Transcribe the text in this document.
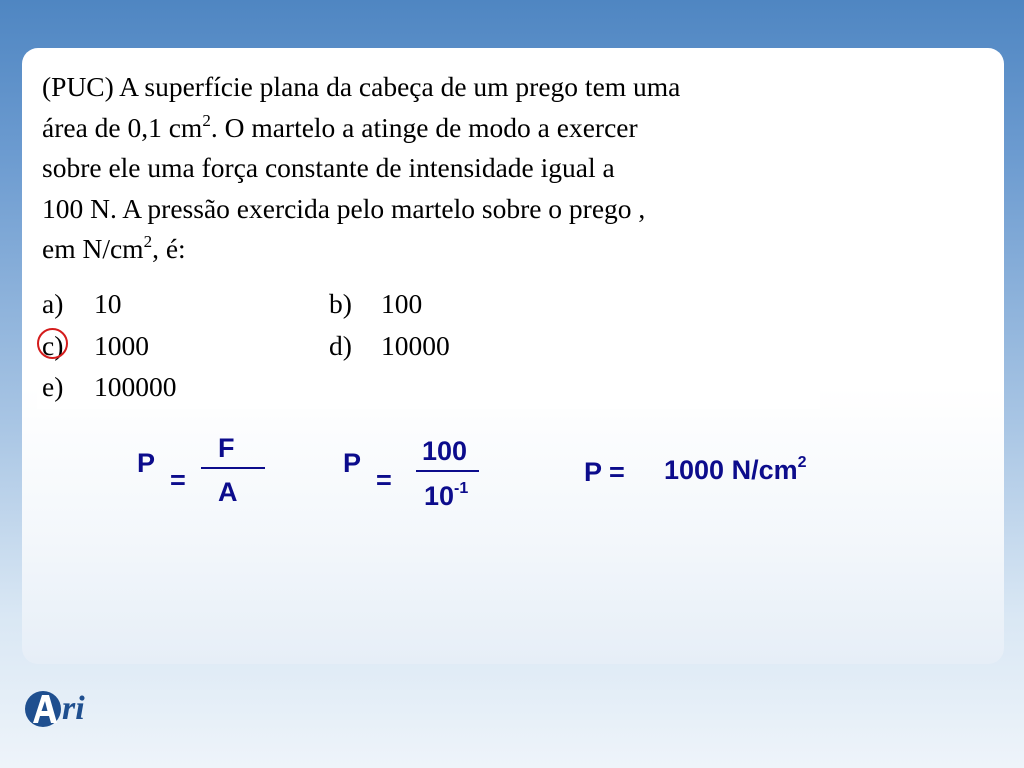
(PUC) A superfície plana da cabeça de um prego tem uma
área de 0,1 $cm^2$. O martelo a atinge de modo a exercer
sobre ele uma força constante de intensidade igual a
100 N. A pressão exercida pelo martelo sobre o prego ,
em $N/cm^2$, é:
a) 10	b) 100
c) 1000	d) 10000
e) 100000
P
=
F
A
P
=
100
$10^{-1}$
P = 1000 $N/cm^2$
ri
